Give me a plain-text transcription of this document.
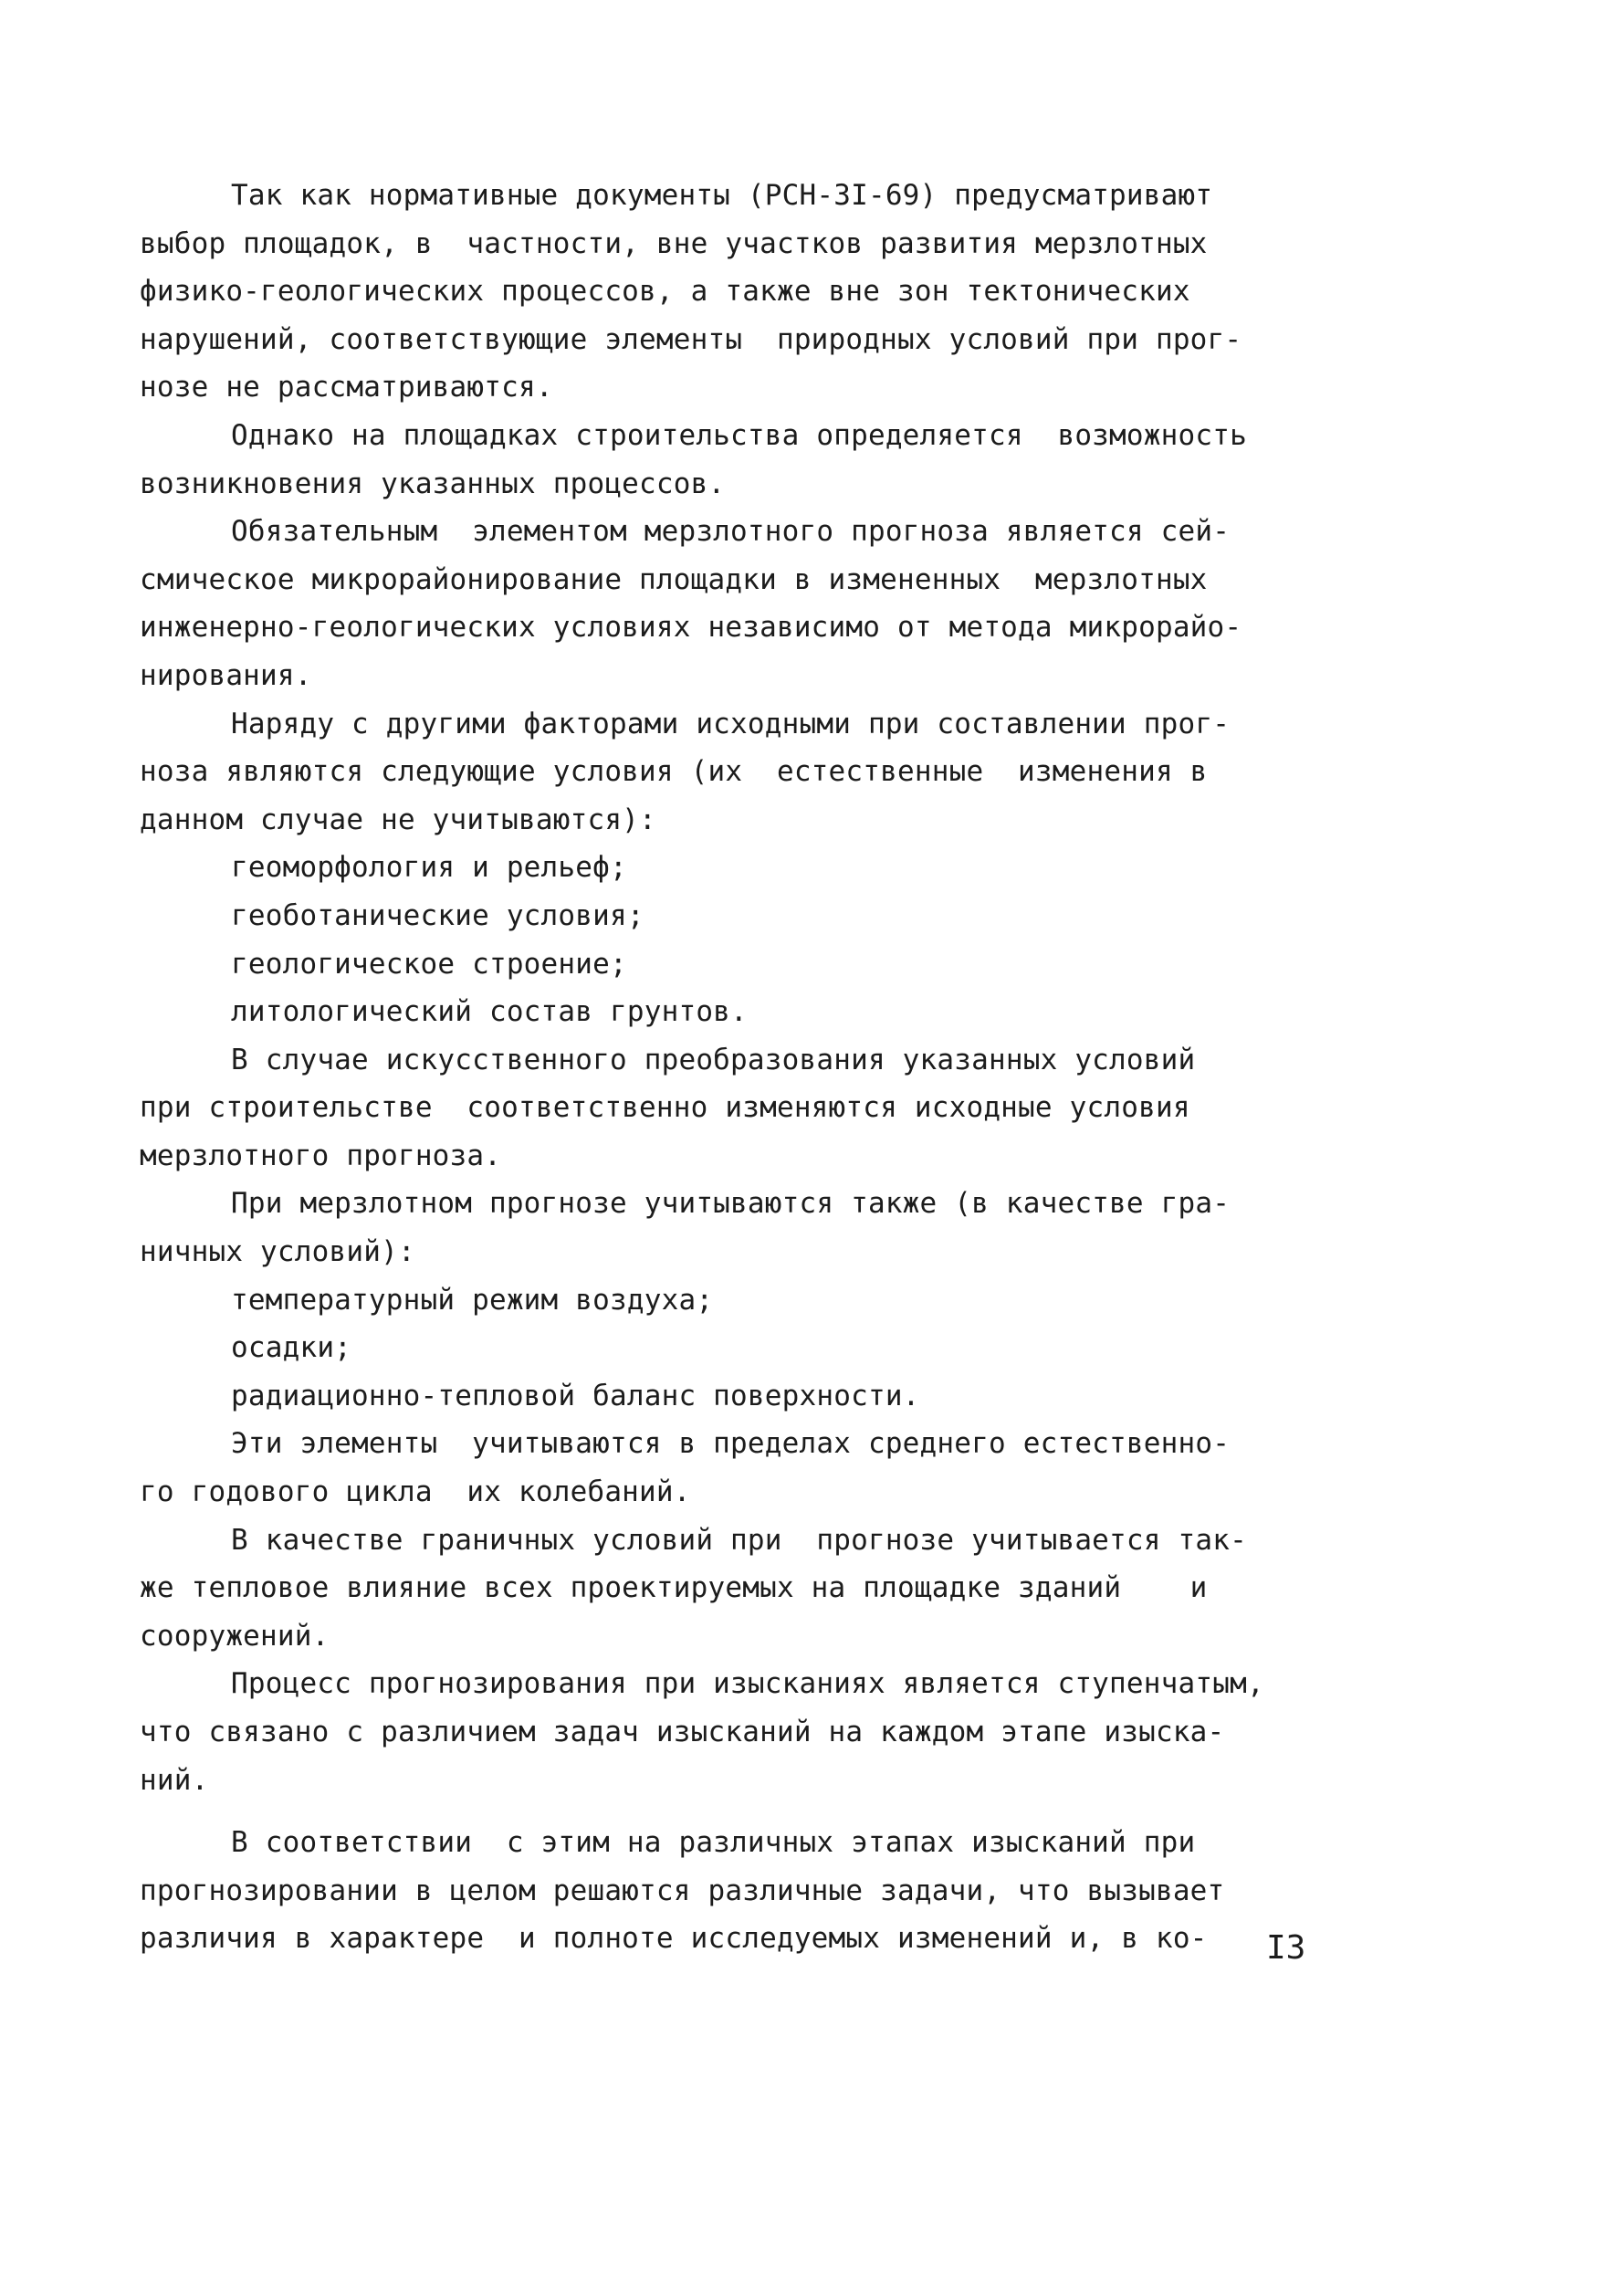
Так как нормативные документы (РСН-3I-69) предусматривают
выбор площадок, в  частности, вне участков развития мерзлотных
физико-геологических процессов, а также вне зон тектонических
нарушений, соответствующие элементы  природных условий при прог-
нозе не рассматриваются.
Однако на площадках строительства определяется  возможность
возникновения указанных процессов.
Обязательным  элементом мерзлотного прогноза является сей-
смическое микрорайонирование площадки в измененных  мерзлотных
инженерно-геологических условиях независимо от метода микрорайо-
нирования.
Наряду с другими факторами исходными при составлении прог-
ноза являются следующие условия (их  естественные  изменения в
данном случае не учитываются):
геоморфология и рельеф;
геоботанические условия;
геологическое строение;
литологический состав грунтов.
В случае искусственного преобразования указанных условий
при строительстве  соответственно изменяются исходные условия
мерзлотного прогноза.
При мерзлотном прогнозе учитываются также (в качестве гра-
ничных условий):
температурный режим воздуха;
осадки;
радиационно-тепловой баланс поверхности.
Эти элементы  учитываются в пределах среднего естественно-
го годового цикла  их колебаний.
В качестве граничных условий при  прогнозе учитывается так-
же тепловое влияние всех проектируемых на площадке зданий    и
сооружений.
Процесс прогнозирования при изысканиях является ступенчатым,
что связано с различием задач изысканий на каждом этапе изыска-
ний.
В соответствии  с этим на различных этапах изысканий при
прогнозировании в целом решаются различные задачи, что вызывает
различия в характере  и полноте исследуемых изменений и, в ко-	I3
